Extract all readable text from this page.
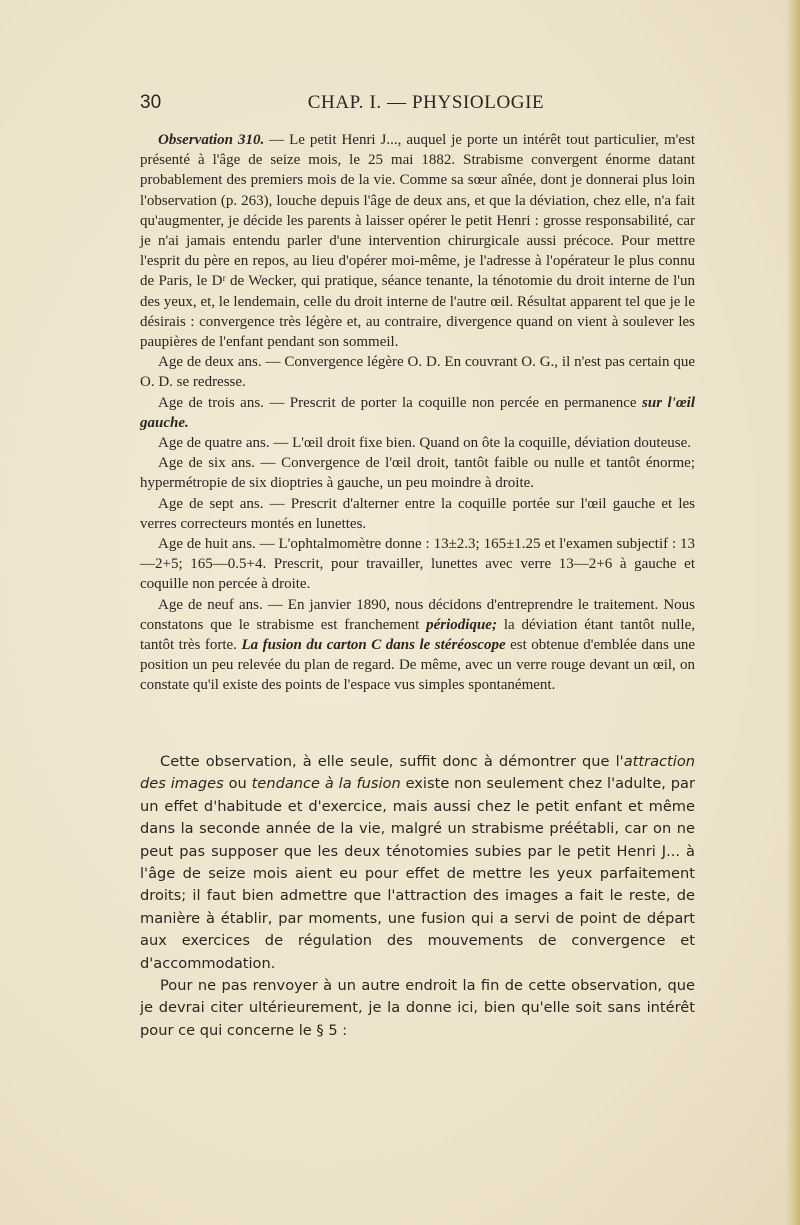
30	CHAP. I. — PHYSIOLOGIE

Observation 310. — Le petit Henri J..., auquel je porte un intérêt tout particulier, m'est présenté à l'âge de seize mois, le 25 mai 1882. Strabisme convergent énorme datant probablement des premiers mois de la vie. Comme sa sœur aînée, dont je donnerai plus loin l'observation (p. 263), louche depuis l'âge de deux ans, et que la déviation, chez elle, n'a fait qu'augmenter, je décide les parents à laisser opérer le petit Henri : grosse responsabilité, car je n'ai jamais entendu parler d'une intervention chirurgicale aussi précoce. Pour mettre l'esprit du père en repos, au lieu d'opérer moi-même, je l'adresse à l'opérateur le plus connu de Paris, le Dʳ de Wecker, qui pratique, séance tenante, la ténotomie du droit interne de l'un des yeux, et, le lendemain, celle du droit interne de l'autre œil. Résultat apparent tel que je le désirais : convergence très légère et, au contraire, divergence quand on vient à soulever les paupières de l'enfant pendant son sommeil.

Age de deux ans. — Convergence légère O. D. En couvrant O. G., il n'est pas certain que O. D. se redresse.

Age de trois ans. — Prescrit de porter la coquille non percée en permanence sur l'œil gauche.

Age de quatre ans. — L'œil droit fixe bien. Quand on ôte la coquille, déviation douteuse.

Age de six ans. — Convergence de l'œil droit, tantôt faible ou nulle et tantôt énorme; hypermétropie de six dioptries à gauche, un peu moindre à droite.

Age de sept ans. — Prescrit d'alterner entre la coquille portée sur l'œil gauche et les verres correcteurs montés en lunettes.

Age de huit ans. — L'ophtalmomètre donne : 13±2.3; 165±1.25 et l'examen subjectif : 13—2+5; 165—0.5+4. Prescrit, pour travailler, lunettes avec verre 13—2+6 à gauche et coquille non percée à droite.

Age de neuf ans. — En janvier 1890, nous décidons d'entreprendre le traitement. Nous constatons que le strabisme est franchement périodique; la déviation étant tantôt nulle, tantôt très forte. La fusion du carton C dans le stéréoscope est obtenue d'emblée dans une position un peu relevée du plan de regard. De même, avec un verre rouge devant un œil, on constate qu'il existe des points de l'espace vus simples spontanément.

Cette observation, à elle seule, suffit donc à démontrer que l'attraction des images ou tendance à la fusion existe non seulement chez l'adulte, par un effet d'habitude et d'exercice, mais aussi chez le petit enfant et même dans la seconde année de la vie, malgré un strabisme préétabli, car on ne peut pas supposer que les deux ténotomies subies par le petit Henri J... à l'âge de seize mois aient eu pour effet de mettre les yeux parfaitement droits; il faut bien admettre que l'attraction des images a fait le reste, de manière à établir, par moments, une fusion qui a servi de point de départ aux exercices de régulation des mouvements de convergence et d'accommodation.

Pour ne pas renvoyer à un autre endroit la fin de cette observation, que je devrai citer ultérieurement, je la donne ici, bien qu'elle soit sans intérêt pour ce qui concerne le § 5 :
